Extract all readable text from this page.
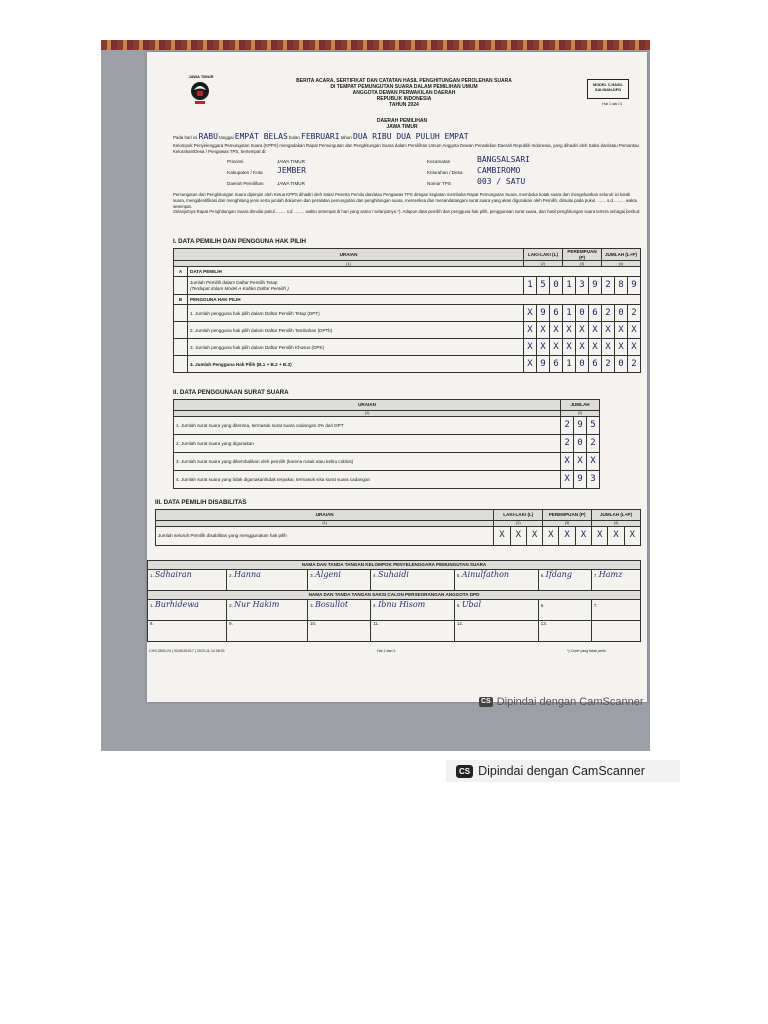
JAWA TIMUR
BERITA ACARA, SERTIFIKAT DAN CATATAN HASIL PENGHITUNGAN PEROLEHAN SUARA
DI TEMPAT PEMUNGUTAN SUARA DALAM PEMILIHAN UMUM
ANGGOTA DEWAN PERWAKILAN DAERAH
REPUBLIK INDONESIA
TAHUN 2024
MODEL C.HASIL SALINAN-DPD
Hal 1 dari 3
DAERAH PEMILIHAN
JAWA TIMUR
Pada hari ini RABU tanggal EMPAT BELAS bulan FEBRUARI tahun DUA RIBU DUA PULUH EMPAT
Kelompok Penyelenggara Pemungutan Suara (KPPS) mengadakan Rapat Pemungutan dan Penghitungan Suara dalam Pemilihan Umum Anggota Dewan Perwakilan Daerah Republik Indonesia, yang dihadiri oleh Saksi dan/atau Pemantau Kelurahan/Desa / Pengawas TPS, bertempat di:
Provinsi	JAWA TIMUR
Kabupaten / Kota JEMBER
Daerah Pemilihan	JAWA TIMUR
Kecamatan	BANGSALSARI
Kelurahan / Desa CAMBIROMO
Nomor TPS	003 / SATU
Pemungutan dan Penghitungan Suara dipimpin oleh Ketua KPPS dihadiri oleh Saksi Peserta Pemilu dan/atau Pengawas TPS dengan kegiatan membuka Rapat Pemungutan Suara, membuka kotak suara dan mengeluarkan seluruh isi kotak suara, mengidentifikasi dan menghitung jenis serta jumlah dokumen dan peralatan pemungutan dan penghitungan suara, memeriksa dan menandatangani surat suara yang akan digunakan oleh Pemilih, dimulai pada pukul ........ s.d. ........ waktu setempat.
Selanjutnya Rapat Penghitungan Suara dimulai pukul ........ s.d. ........ waktu setempat di hari yang sama / selanjutnya *). Adapun data pemilih dan pengguna hak pilih, penggunaan surat suara, dan hasil penghitungan suara tertera sebagai berikut:
I. DATA PEMILIH DAN PENGGUNA HAK PILIH
URAIAN		LAKI-LAKI (L)			PEREMPUAN (P)			JUMLAH (L+P)		
(1)		(2)			(3)			(4)		
A	DATA PEMILIH									

	Jumlah Pemilih dalam Daftar Pemilih Tetap
(Terdapat dalam Model A-Kabko Daftar Pemilih )	1	5	0	1	3	9	2	8	9
B	PENGGUNA HAK PILIH									
	1. Jumlah pengguna hak pilih dalam Daftar Pemilih Tetap (DPT)	X	9	6	1	0	6	2	0	2
	2. Jumlah pengguna hak pilih dalam Daftar Pemilih Tambahan (DPTb)	X	X	X	X	X	X	X	X	X
	3. Jumlah pengguna hak pilih dalam Daftar Pemilih Khusus (DPK)	X	X	X	X	X	X	X	X	X
	4. Jumlah Pengguna Hak Pilih (B.1 + B.2 + B.3)	X	9	6	1	0	6	2	0	2
II. DATA PENGGUNAAN SURAT SUARA
URAIAN	JUMLAH		
(1)	(2)		
1. Jumlah surat suara yang diterima, termasuk surat suara cadangan 2% dari DPT	2	9	5
2. Jumlah surat suara yang digunakan	2	0	2
3. Jumlah surat suara yang dikembalikan oleh pemilih (karena rusak atau keliru coblos)	X	X	X
4. Jumlah surat suara yang tidak digunakan/tidak terpakai, termasuk sisa surat suara cadangan	X	9	3
III. DATA PEMILIH DISABILITAS
URAIAN	LAKI-LAKI (L)			PEREMPUAN (P)			JUMLAH (L+P)		
(1)	(2)			(3)			(4)		
Jumlah seluruh Pemilih disabilitas yang menggunakan hak pilih	X	X	X	X	X	X	X	X	X
NAMA DAN TANDA TANGAN KELOMPOK PENYELENGGARA PEMUNGUTAN SUARA						
1. Sdhairan	2. Hanna	3. Algeni	4. Suhaidi	5. Ainulfathon	6. Ifdang	7. Hamz
NAMA DAN TANDA TANGAN SAKSI CALON PERSEORANGAN ANGGOTA DPD						
1. Burhidewa	2. Nur Hakim	3. Bosullot	4. Ibnu Hisom	5. Ubal	6.	7.
8.	9.	10.	11.	12.	13.	
CHS-3500-24 | 3249151017 | 2023-11-14 08:01	Hal 1 dari 3	*) Coret yang tidak perlu
CS Dipindai dengan CamScanner
CS Dipindai dengan CamScanner
